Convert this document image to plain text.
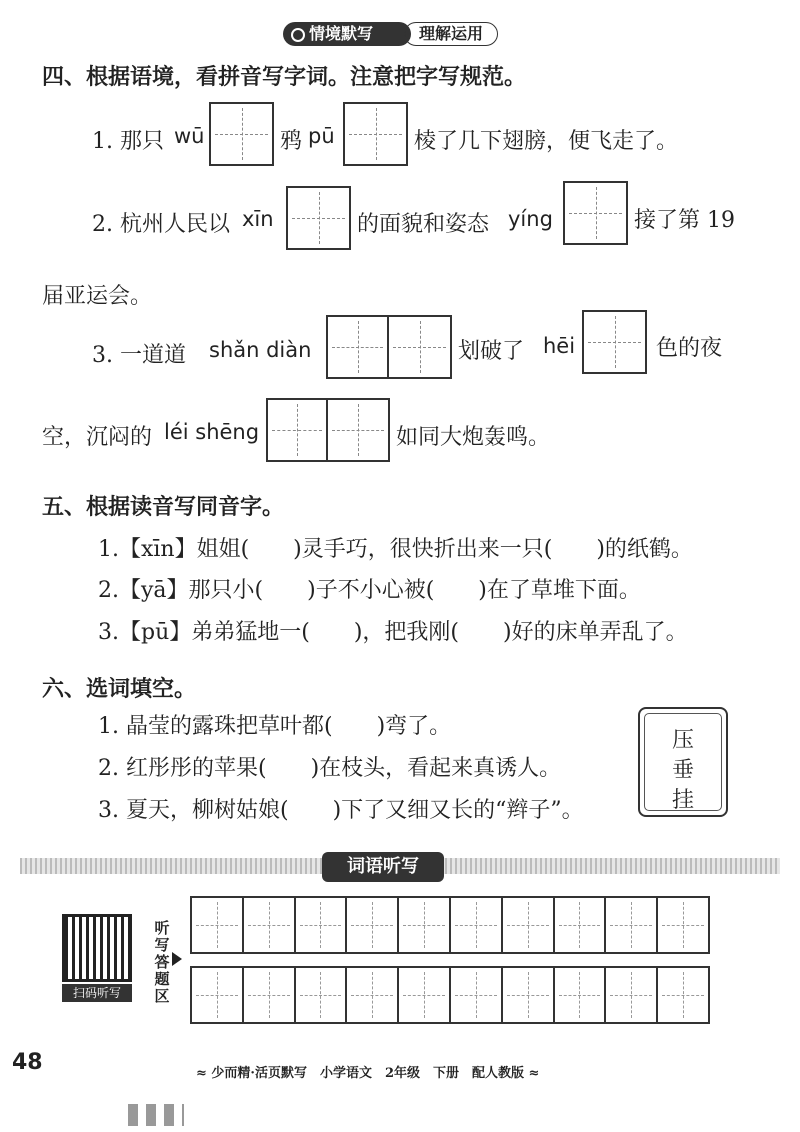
情境默写	理解运用
四、根据语境，看拼音写字词。注意把字写规范。
1. 那只 wū	鸦 pū	棱了几下翅膀，便飞走了。
2. 杭州人民以 xīn	的面貌和姿态 yíng	接了第 19
届亚运会。
3. 一道道 shǎn diàn	划破了 hēi	色的夜
空，沉闷的 léi shēng	如同大炮轰鸣。
五、根据读音写同音字。
1.【xīn】姐姐(　　)灵手巧，很快折出来一只(　　)的纸鹤。
2.【yā】那只小(　　)子不小心被(　　)在了草堆下面。
3.【pū】弟弟猛地一(　　)，把我刚(　　)好的床单弄乱了。
六、选词填空。
1. 晶莹的露珠把草叶都(　　)弯了。
2. 红彤彤的苹果(　　)在枝头，看起来真诱人。
3. 夏天，柳树姑娘(　　)下了又细又长的“辫子”。
压
垂
挂
词语听写
扫码听写
听
写
答
题
区
48	≈ 少而精·活页默写　小学语文　2年级　下册　配人教版 ≈
